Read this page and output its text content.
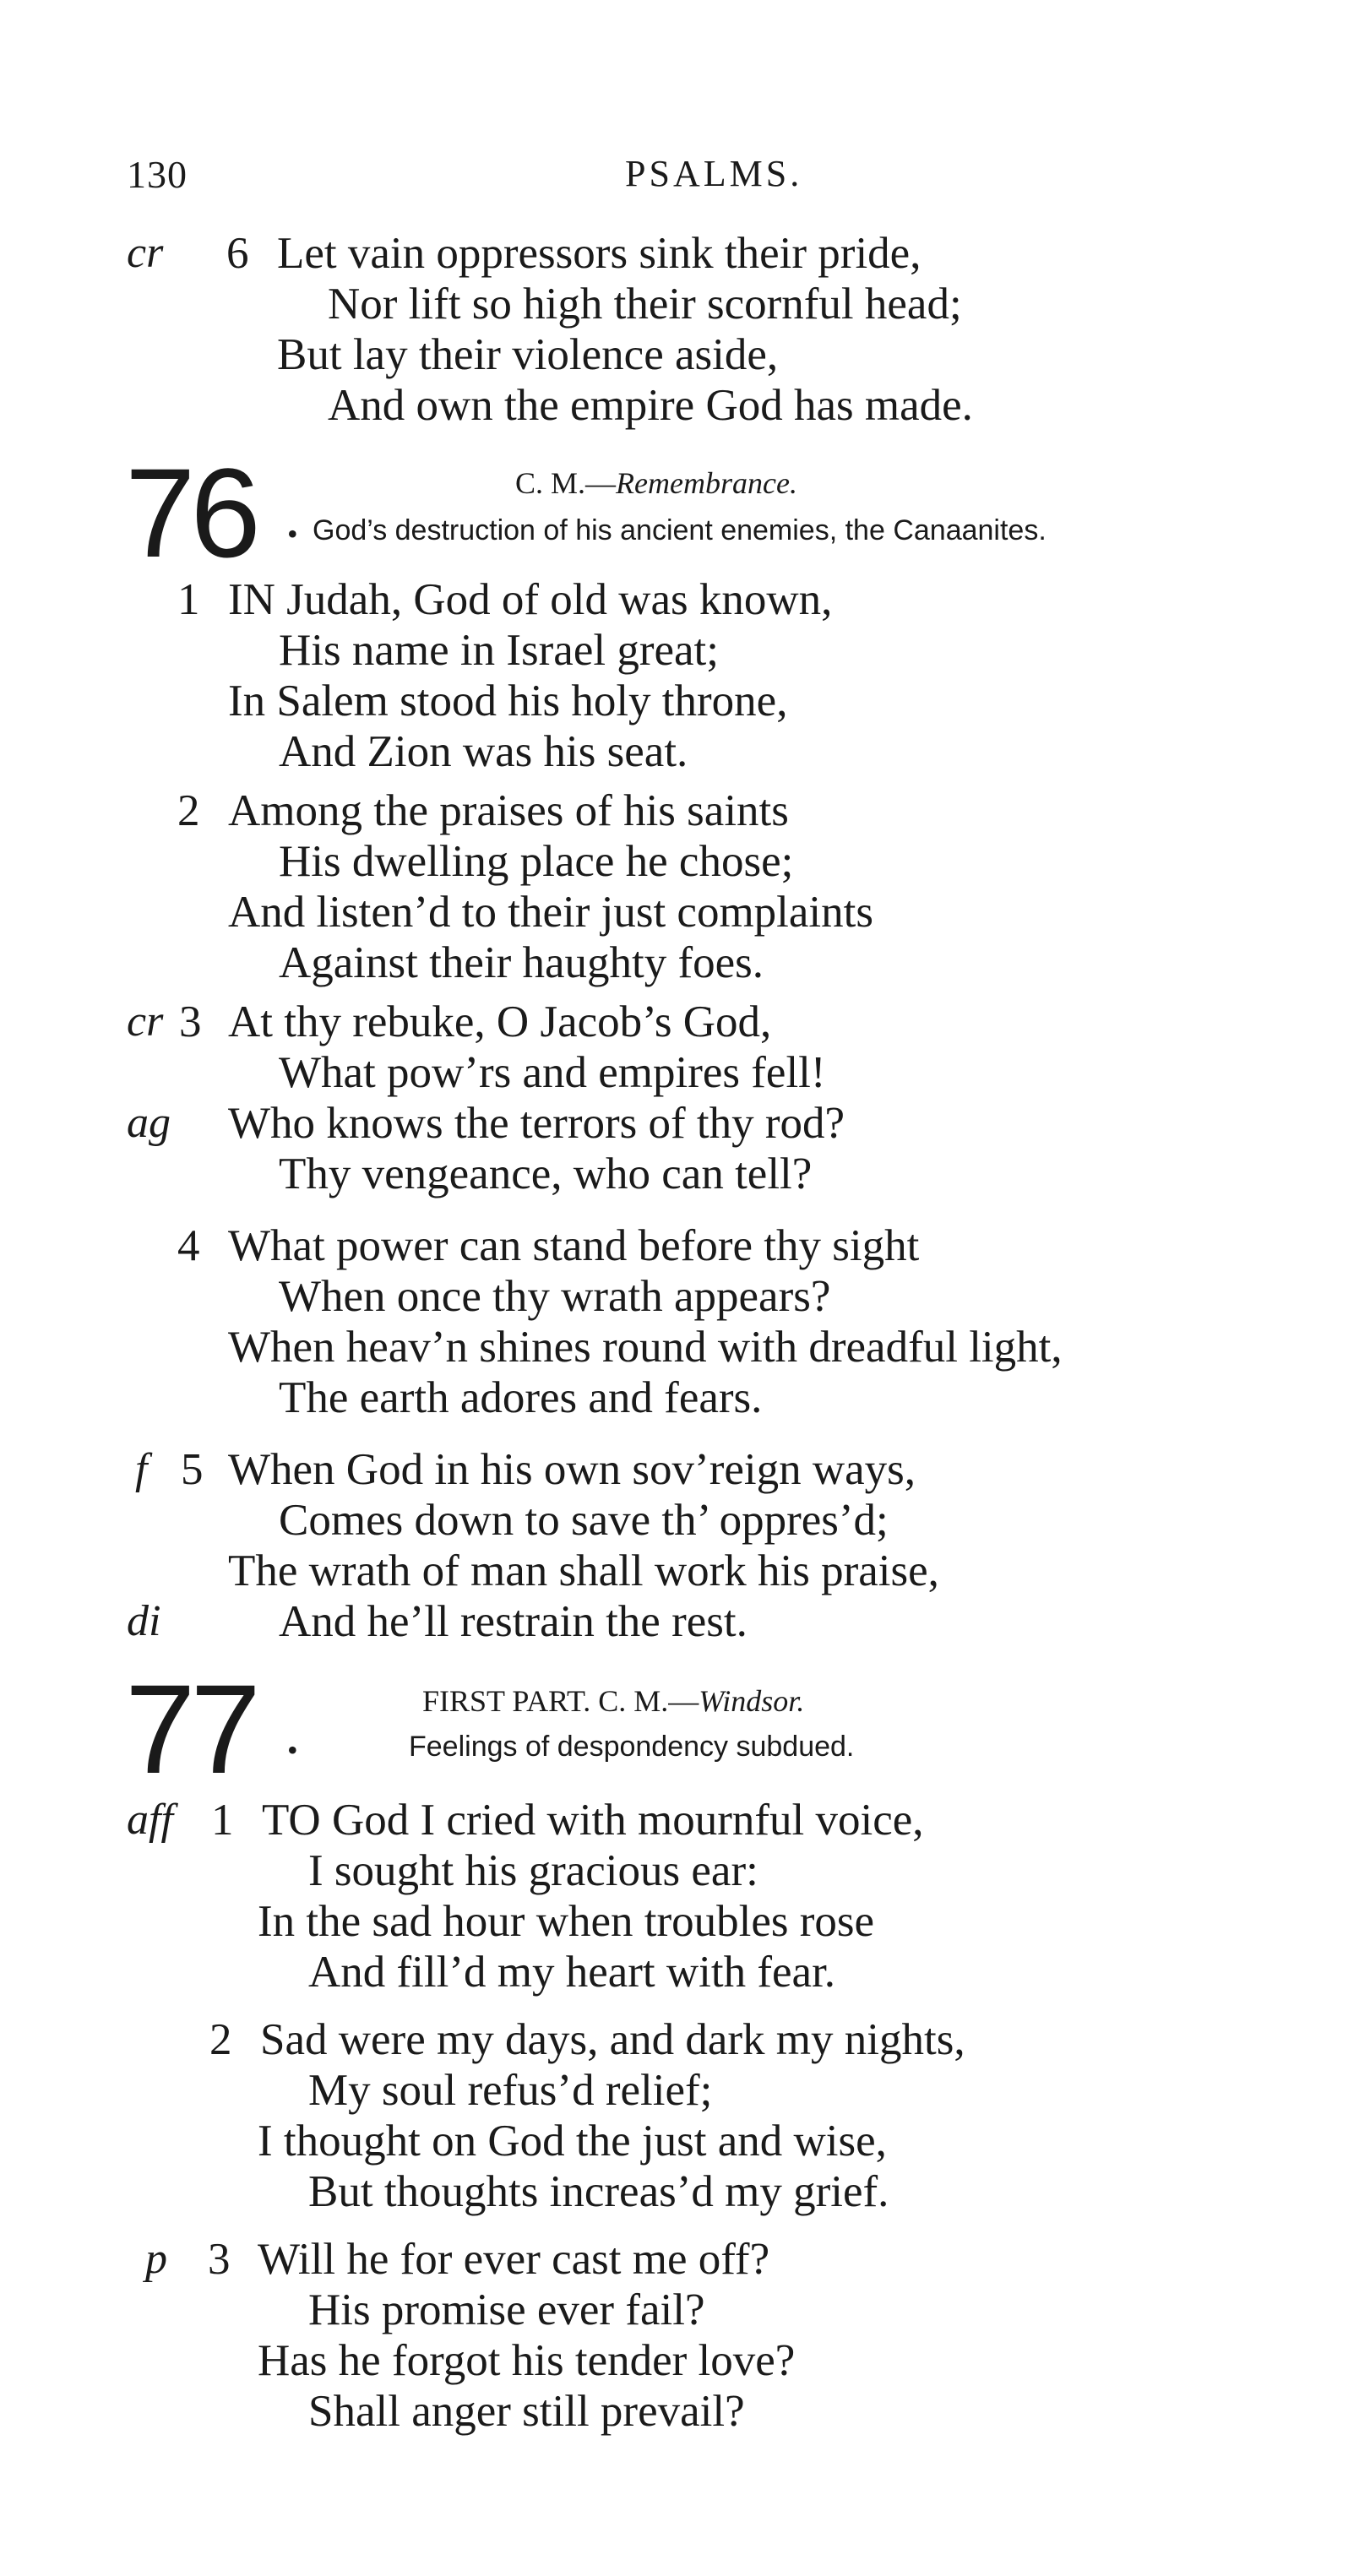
130	PSALMS.
cr 6 Let vain oppressors sink their pride,
Nor lift so high their scornful head;
But lay their violence aside,
And own the empire God has made.
76 •
C. M.—Remembrance.
God’s destruction of his ancient enemies, the Canaanites.
1 IN Judah, God of old was known,
His name in Israel great;
In Salem stood his holy throne,
And Zion was his seat.
2 Among the praises of his saints
His dwelling place he chose;
And listen’d to their just complaints
Against their haughty foes.
cr 3 At thy rebuke, O Jacob’s God,
What pow’rs and empires fell!
ag Who knows the terrors of thy rod?
Thy vengeance, who can tell?
4 What power can stand before thy sight
When once thy wrath appears?
When heav’n shines round with dreadful light,
The earth adores and fears.
f 5 When God in his own sov’reign ways,
Comes down to save th’ oppres’d;
The wrath of man shall work his praise,
di	And he’ll restrain the rest.
77 •
FIRST PART. C. M.—Windsor.
Feelings of despondency subdued.
aff 1 TO God I cried with mournful voice,
I sought his gracious ear:
In the sad hour when troubles rose
And fill’d my heart with fear.
2 Sad were my days, and dark my nights,
My soul refus’d relief;
I thought on God the just and wise,
But thoughts increas’d my grief.
p 3 Will he for ever cast me off?
His promise ever fail?
Has he forgot his tender love?
Shall anger still prevail?
